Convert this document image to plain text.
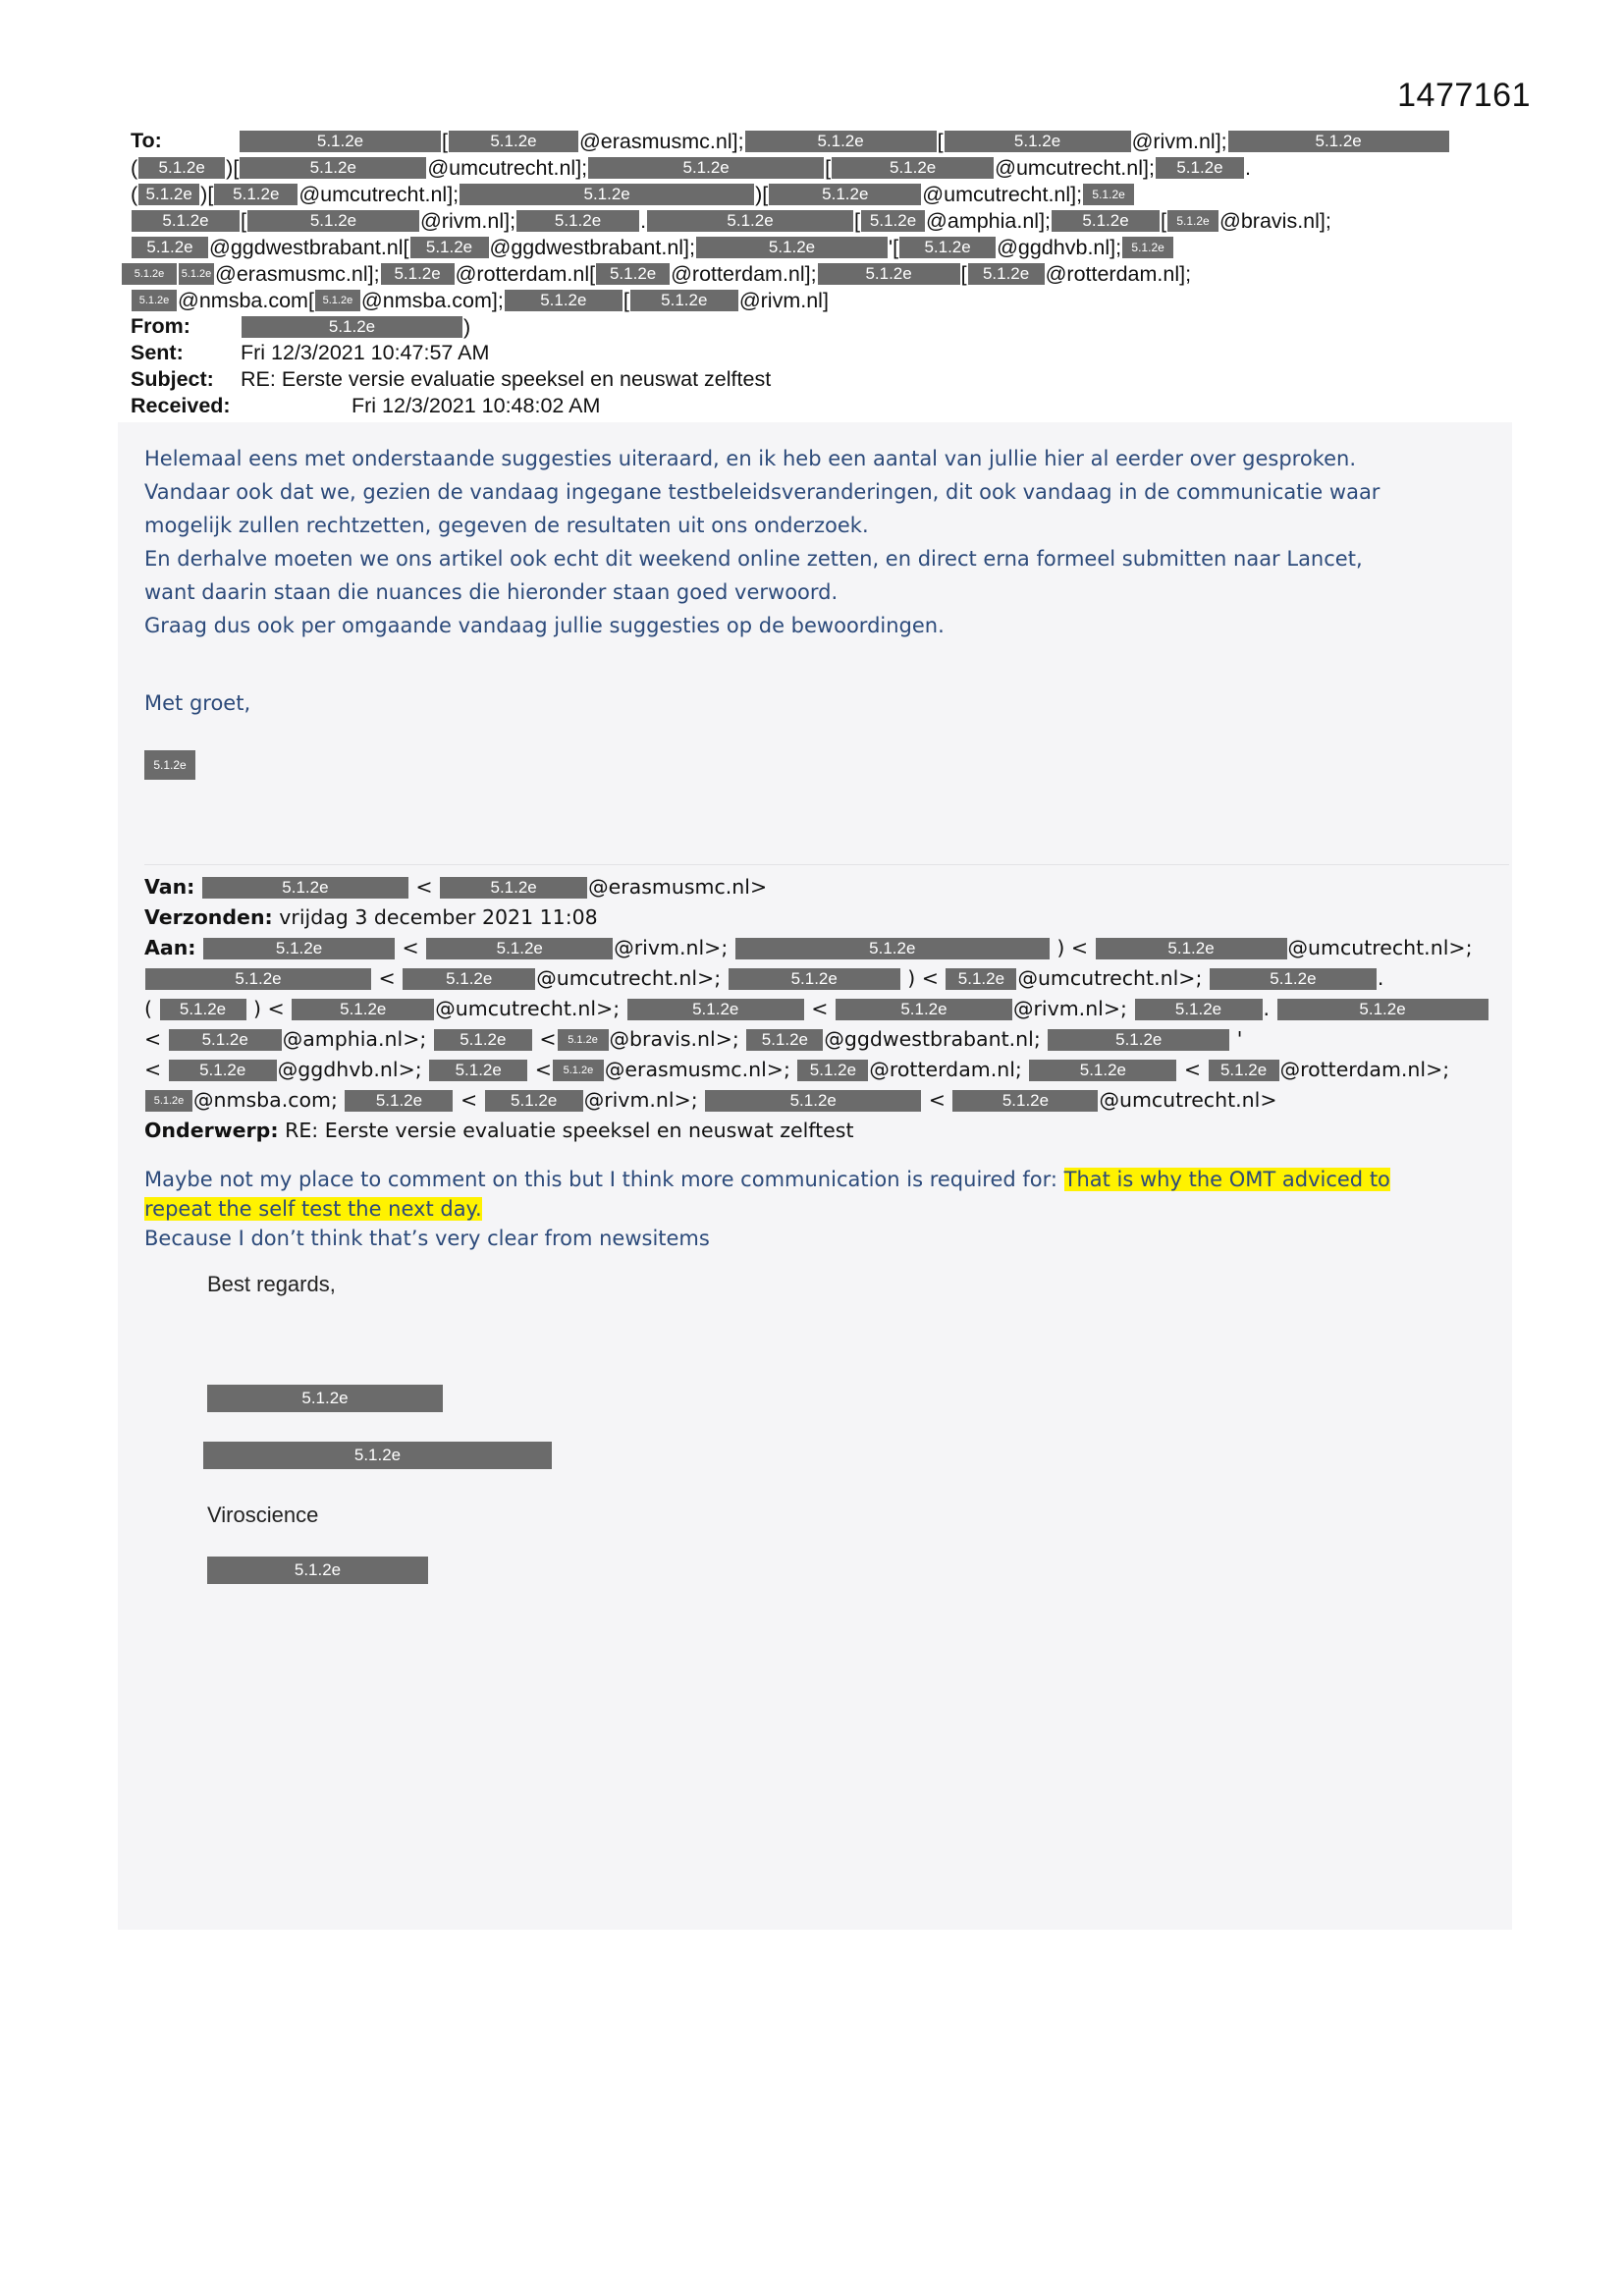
1477161
To:	5.1.2e	[	5.1.2e @erasmusmc.nl];	5.1.2e	[	5.1.2e	@rivm.nl];	5.1.2e
( 5.1.2e )[	5.1.2e	@umcutrecht.nl];	5.1.2e	[	5.1.2e	@umcutrecht.nl]; 5.1.2e .
( 5.1.2e )[ 5.1.2e @umcutrecht.nl];	5.1.2e	)[	5.1.2e	@umcutrecht.nl]; 5.1.2e
5.1.2e [	5.1.2e	@rivm.nl]; 5.1.2e .	5.1.2e	[ 5.1.2e @amphia.nl]; 5.1.2e [ 5.1.2e @bravis.nl];
5.1.2e @ggdwestbrabant.nl[ 5.1.2e @ggdwestbrabant.nl];	5.1.2e	'[ 5.1.2e @ggdhvb.nl]; 5.1.2e
5.1.2e 5.1.2e @erasmusmc.nl]; 5.1.2e @rotterdam.nl[ 5.1.2e @rotterdam.nl];	5.1.2e [ 5.1.2e @rotterdam.nl];
5.1.2e @nmsba.com[ 5.1.2e @nmsba.com]; 5.1.2e [ 5.1.2e @rivm.nl]
From:	5.1.2e	)
Sent:	Fri 12/3/2021 10:47:57 AM
Subject: RE: Eerste versie evaluatie speeksel en neuswat zelftest
Received:	Fri 12/3/2021 10:48:02 AM

Helemaal eens met onderstaande suggesties uiteraard, en ik heb een aantal van jullie hier al eerder over gesproken.

Vandaar ook dat we, gezien de vandaag ingegane testbeleidsveranderingen, dit ook vandaag in de communicatie waar

mogelijk zullen rechtzetten, gegeven de resultaten uit ons onderzoek.

En derhalve moeten we ons artikel ook echt dit weekend online zetten, en direct erna formeel submitten naar Lancet,

want daarin staan die nuances die hieronder staan goed verwoord.

Graag dus ook per omgaande vandaag jullie suggesties op de bewoordingen.

Met groet,
5.1.2e
Van:	5.1.2e	<	5.1.2e	@erasmusmc.nl>
Verzonden: vrijdag 3 december 2021 11:08
Aan:	5.1.2e	<	5.1.2e	@rivm.nl>;	5.1.2e	) <	5.1.2e	@umcutrecht.nl>;
5.1.2e	<	5.1.2e @umcutrecht.nl>;	5.1.2e	) < 5.1.2e @umcutrecht.nl>;	5.1.2e	.
( 5.1.2e ) <	5.1.2e @umcutrecht.nl>;	5.1.2e	<	5.1.2e	@rivm.nl>;	5.1.2e .	5.1.2e
< 5.1.2e @amphia.nl>; 5.1.2e < 5.1.2e @bravis.nl>; 5.1.2e @ggdwestbrabant.nl;	5.1.2e	'
< 5.1.2e @ggdhvb.nl>; 5.1.2e < 5.1.2e @erasmusmc.nl>; 5.1.2e @rotterdam.nl;	5.1.2e	< 5.1.2e @rotterdam.nl>;
5.1.2e @nmsba.com; 5.1.2e < 5.1.2e @rivm.nl>;	5.1.2e	<	5.1.2e	@umcutrecht.nl>
Onderwerp: RE: Eerste versie evaluatie speeksel en neuswat zelftest
Maybe not my place to comment on this but I think more communication is required for: That is why the OMT adviced to
repeat the self test the next day.
Because I don’t think that’s very clear from newsitems
Best regards,
5.1.2e
5.1.2e
Viroscience
5.1.2e
